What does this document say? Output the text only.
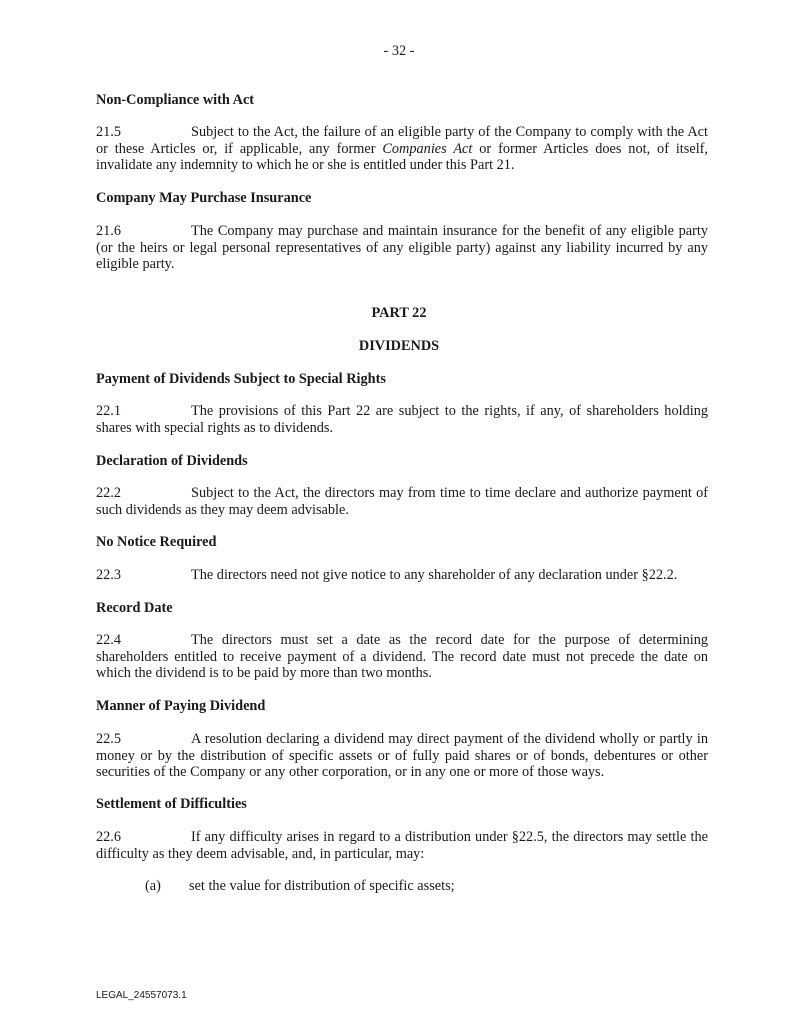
- 32 -
Non-Compliance with Act
21.5	Subject to the Act, the failure of an eligible party of the Company to comply with the Act or these Articles or, if applicable, any former Companies Act or former Articles does not, of itself, invalidate any indemnity to which he or she is entitled under this Part 21.
Company May Purchase Insurance
21.6	The Company may purchase and maintain insurance for the benefit of any eligible party (or the heirs or legal personal representatives of any eligible party) against any liability incurred by any eligible party.
PART 22
DIVIDENDS
Payment of Dividends Subject to Special Rights
22.1	The provisions of this Part 22 are subject to the rights, if any, of shareholders holding shares with special rights as to dividends.
Declaration of Dividends
22.2	Subject to the Act, the directors may from time to time declare and authorize payment of such dividends as they may deem advisable.
No Notice Required
22.3	The directors need not give notice to any shareholder of any declaration under §22.2.
Record Date
22.4	The directors must set a date as the record date for the purpose of determining shareholders entitled to receive payment of a dividend. The record date must not precede the date on which the dividend is to be paid by more than two months.
Manner of Paying Dividend
22.5	A resolution declaring a dividend may direct payment of the dividend wholly or partly in money or by the distribution of specific assets or of fully paid shares or of bonds, debentures or other securities of the Company or any other corporation, or in any one or more of those ways.
Settlement of Difficulties
22.6	If any difficulty arises in regard to a distribution under §22.5, the directors may settle the difficulty as they deem advisable, and, in particular, may:
(a) set the value for distribution of specific assets;
LEGAL_24557073.1
